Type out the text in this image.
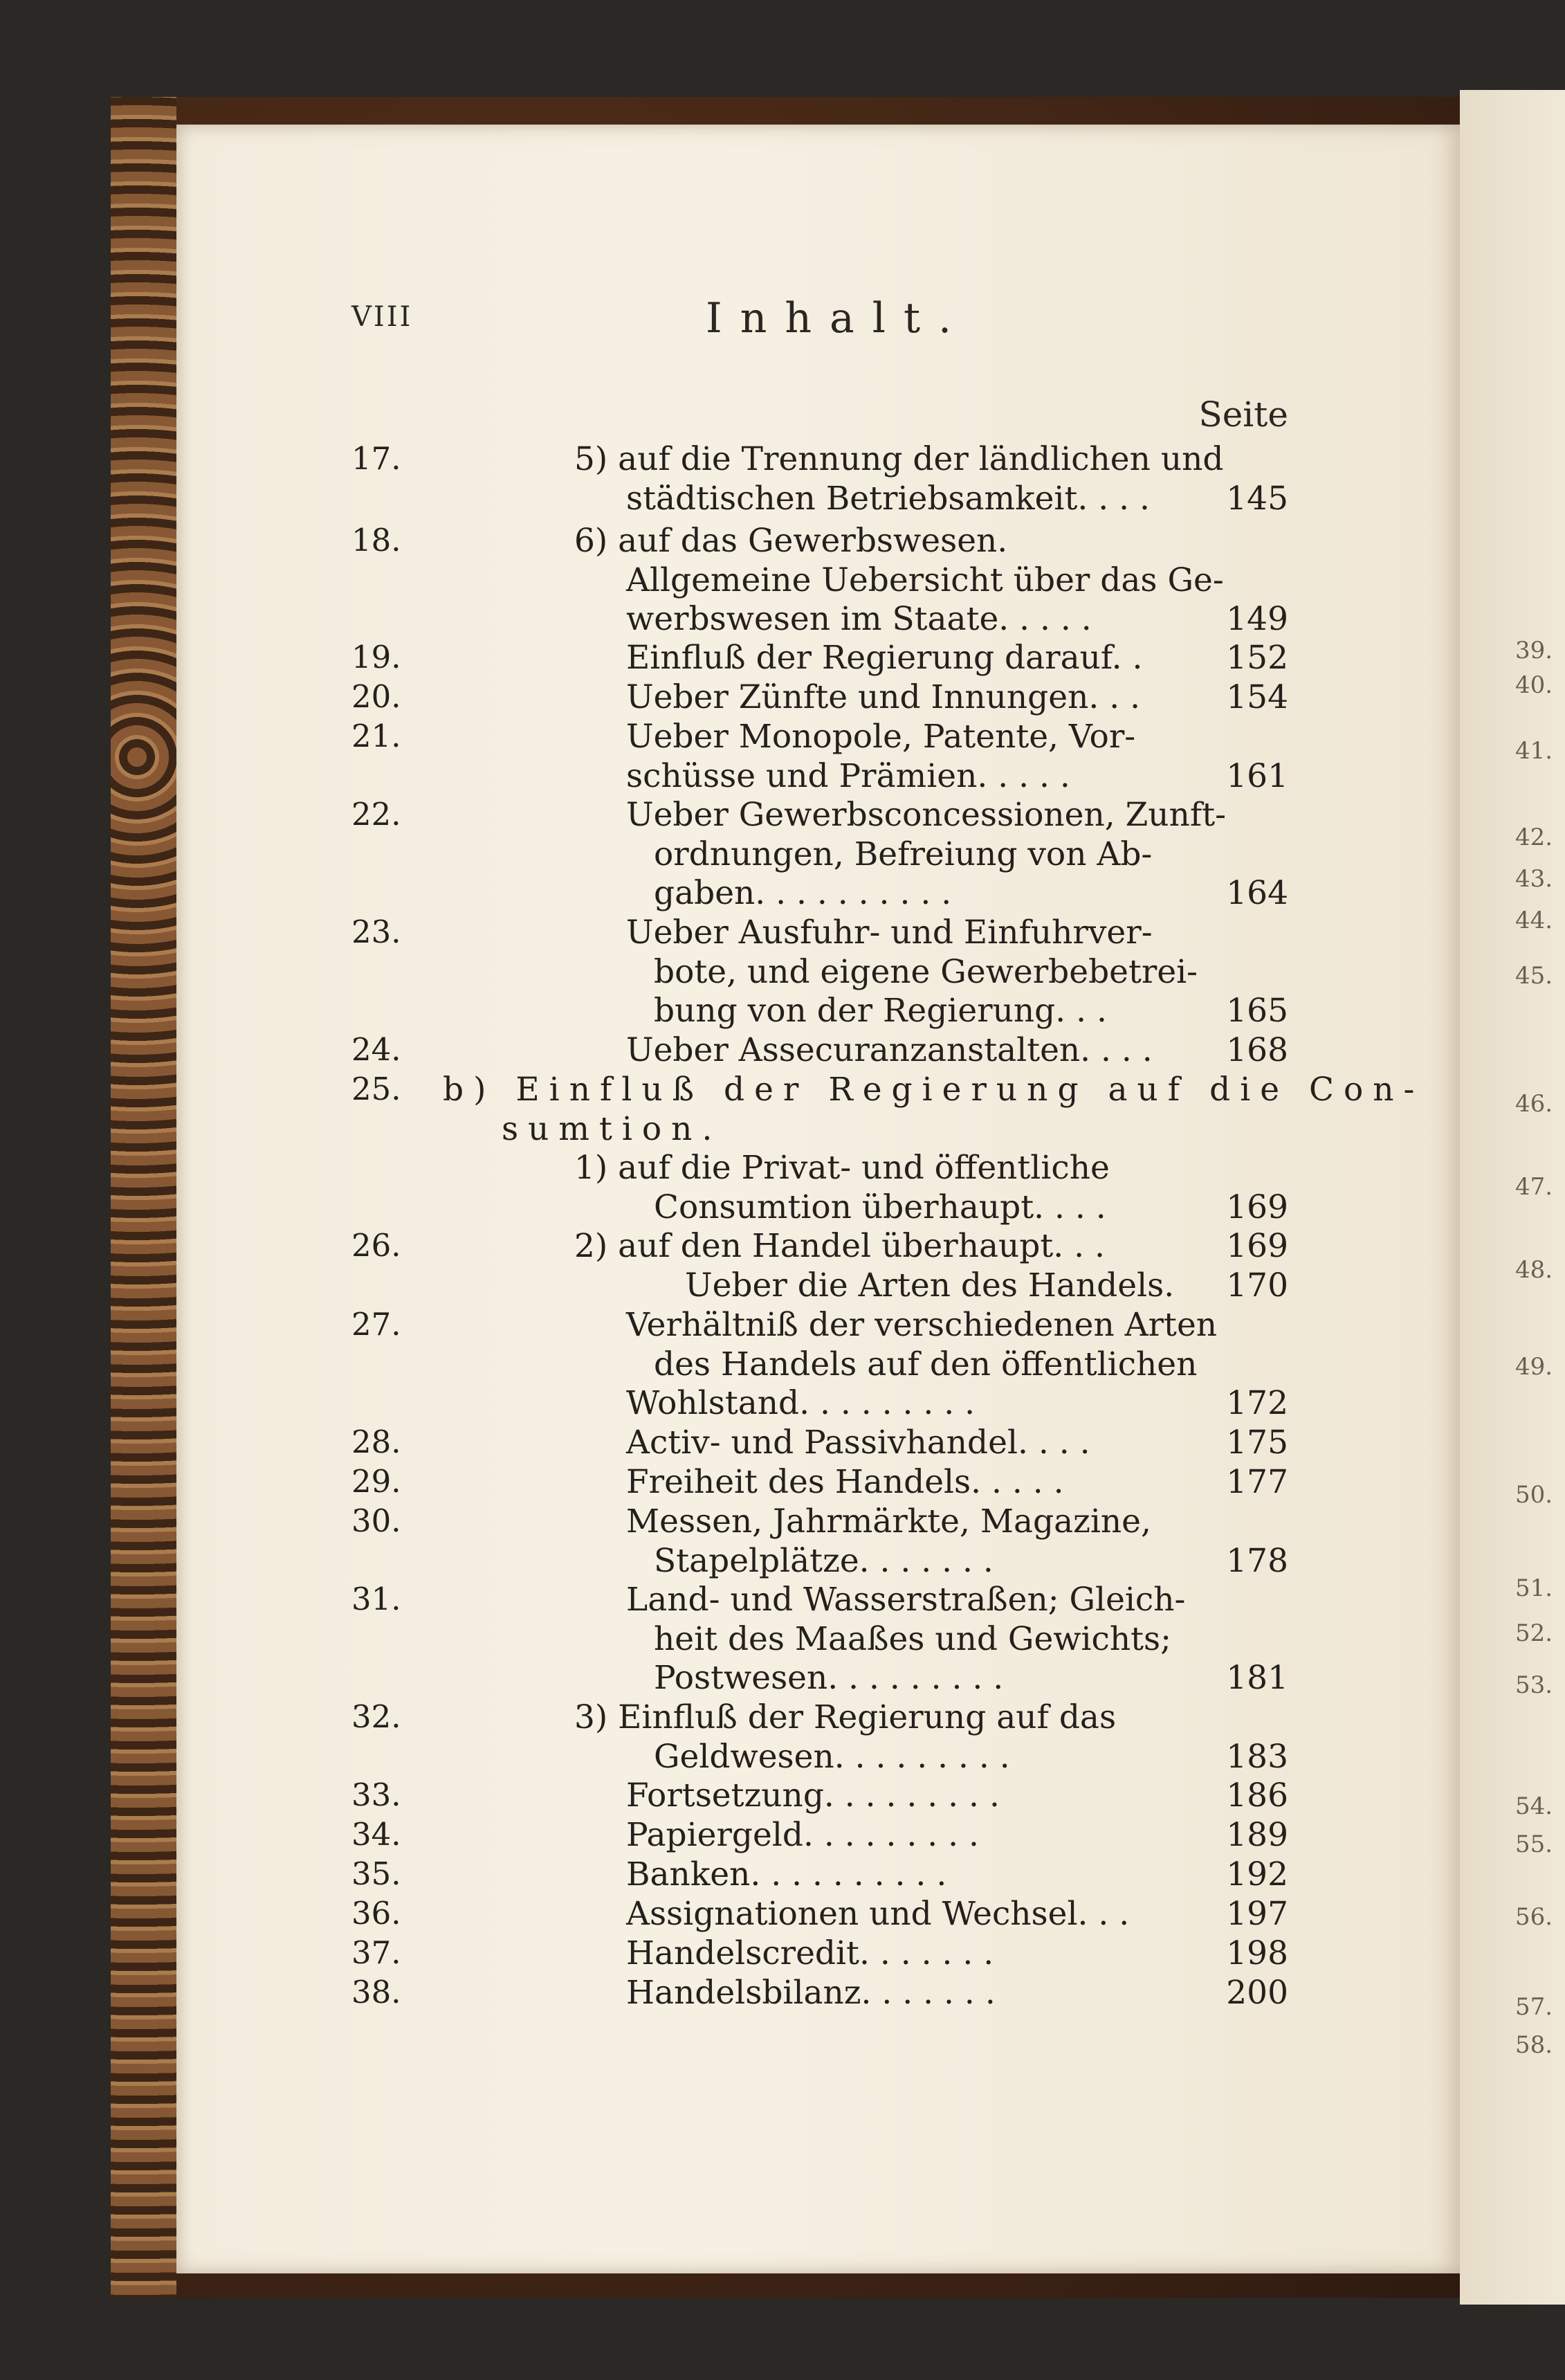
39.
40.
41.
42.
43.
44.
45.
46.
47.
48.
49.
50.
51.
52.
53.
54.
55.
56.
57.
58.
VIII	Inhalt.
Seite
17.	5) auf die Trennung der ländlichen und
städtischen Betriebsamkeit. . . . 145
18.	6) auf das Gewerbswesen.
Allgemeine Uebersicht über das Ge-
werbswesen im Staate. . . . .	149
19.	Einfluß der Regierung darauf. .	152
20.	Ueber Zünfte und Innungen. . .	154
21.	Ueber Monopole, Patente, Vor-
schüsse und Prämien. . . . .	161
22.	Ueber Gewerbsconcessionen, Zunft-
ordnungen, Befreiung von Ab-
gaben. . . . . . . . . .	164
23.	Ueber Ausfuhr- und Einfuhrver-
bote, und eigene Gewerbebetrei-
bung von der Regierung. . .	165
24.	Ueber Assecuranzanstalten. . . . 168
25. b) Einfluß der Regierung auf die Con-
sumtion.
1) auf die Privat- und öffentliche
Consumtion überhaupt. . . .	169
26.	2) auf den Handel überhaupt. . .	169
Ueber die Arten des Handels. 170
27.	Verhältniß der verschiedenen Arten
des Handels auf den öffentlichen
Wohlstand. . . . . . . . .	172
28.	Activ- und Passivhandel. . . .	175
29.	Freiheit des Handels. . . . .	177
30.	Messen, Jahrmärkte, Magazine,
Stapelplätze. . . . . . .	178
31.	Land- und Wasserstraßen; Gleich-
heit des Maaßes und Gewichts;
Postwesen. . . . . . . . .	181
32.	3) Einfluß der Regierung auf das
Geldwesen. . . . . . . . .	183
33.	Fortsetzung. . . . . . . . .	186
34.	Papiergeld. . . . . . . . .	189
35.	Banken. . . . . . . . . .	192
36.	Assignationen und Wechsel. . .	197
37.	Handelscredit. . . . . . .	198
38.	Handelsbilanz. . . . . . .	200
